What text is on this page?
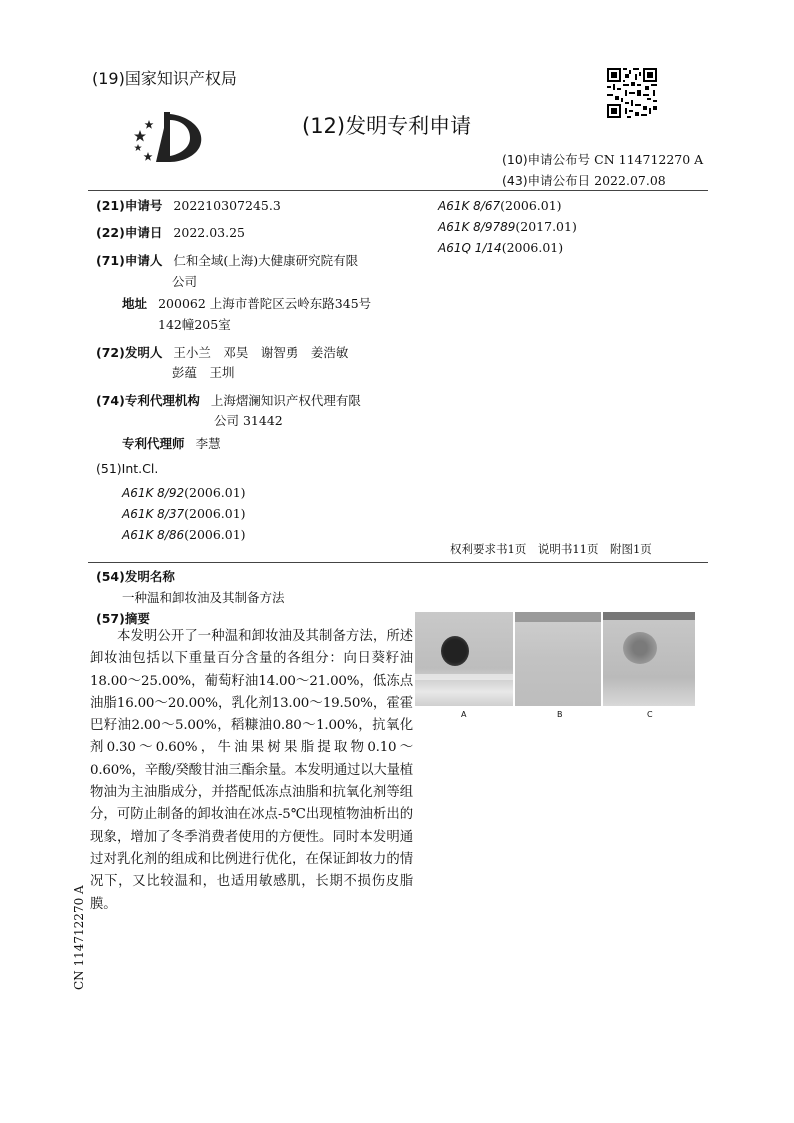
(19)国家知识产权局
(12)发明专利申请
(10)申请公布号 CN 114712270 A
(43)申请公布日 2022.07.08
(21)申请号 202210307245.3
(22)申请日 2022.03.25
(71)申请人 仁和全域(上海)大健康研究院有限
公司
地址 200062 上海市普陀区云岭东路345号
142幢205室
(72)发明人 王小兰　邓昊　谢智勇　姜浩敏
彭蕴　王圳
(74)专利代理机构 上海熠澜知识产权代理有限
公司 31442
专利代理师 李慧
(51)Int.Cl.
A61K 8/92(2006.01)
A61K 8/37(2006.01)
A61K 8/86(2006.01)
A61K 8/67(2006.01)
A61K 8/9789(2017.01)
A61Q 1/14(2006.01)
权利要求书1页　说明书11页　附图1页
(54)发明名称
一种温和卸妆油及其制备方法
(57)摘要
本发明公开了一种温和卸妆油及其制备方法，所述卸妆油包括以下重量百分含量的各组分：向日葵籽油18.00～25.00%，葡萄籽油14.00～21.00%，低冻点油脂16.00～20.00%，乳化剂13.00～19.50%，霍霍巴籽油2.00～5.00%，稻糠油0.80～1.00%，抗氧化剂0.30～0.60%，牛油果树果脂提取物0.10～0.60%，辛酸/癸酸甘油三酯余量。本发明通过以大量植物油为主油脂成分，并搭配低冻点油脂和抗氧化剂等组分，可防止制备的卸妆油在冰点-5℃出现植物油析出的现象，增加了冬季消费者使用的方便性。同时本发明通过对乳化剂的组成和比例进行优化，在保证卸妆力的情况下，又比较温和，也适用敏感肌，长期不损伤皮脂膜。
A	B	C
CN 114712270 A
